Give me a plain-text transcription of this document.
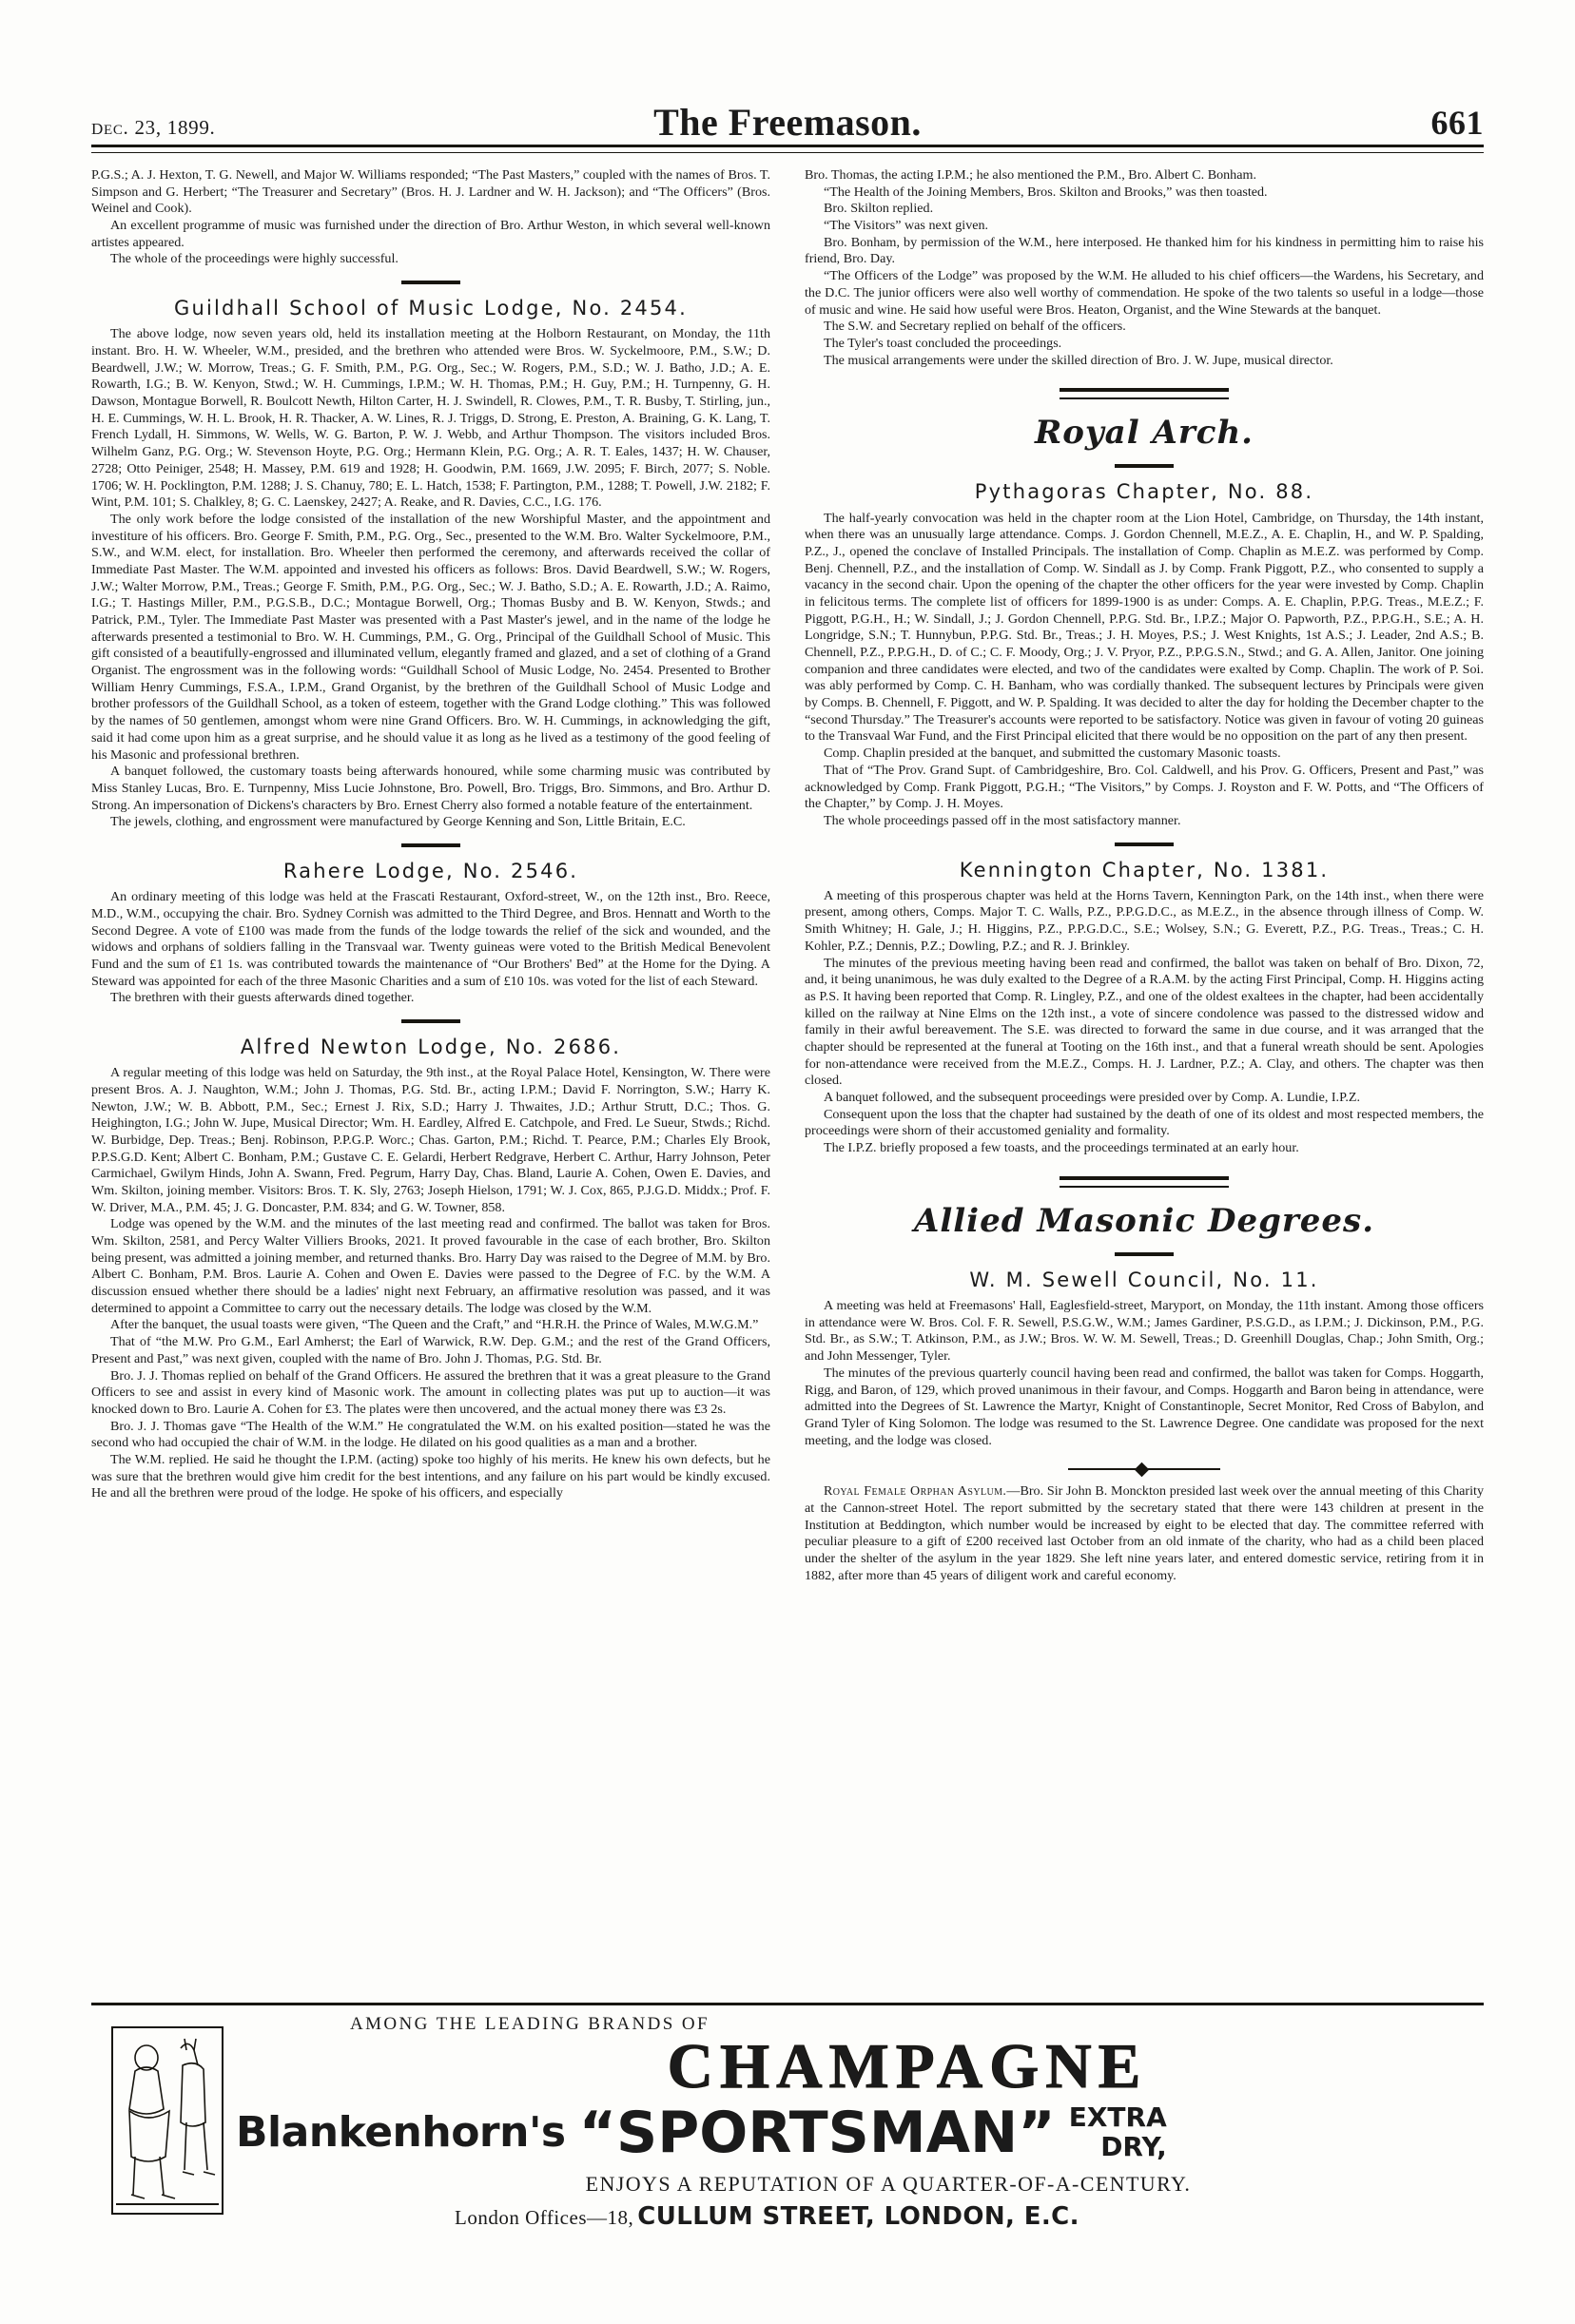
dec. 23, 1899.	The Freemason.	661

P.G.S.; A. J. Hexton, T. G. Newell, and Major W. Williams responded; “The Past Masters,” coupled with the names of Bros. T. Simpson and G. Herbert; “The Treasurer and Secretary” (Bros. H. J. Lardner and W. H. Jackson); and “The Officers” (Bros. Weinel and Cook).

An excellent programme of music was furnished under the direction of Bro. Arthur Weston, in which several well-known artistes appeared.

The whole of the proceedings were highly successful.

Guildhall School of Music Lodge, No. 2454.

The above lodge, now seven years old, held its installation meeting at the Holborn Restaurant, on Monday, the 11th instant. Bro. H. W. Wheeler, W.M., presided, and the brethren who attended were Bros. W. Syckelmoore, P.M., S.W.; D. Beardwell, J.W.; W. Morrow, Treas.; G. F. Smith, P.M., P.G. Org., Sec.; W. Rogers, P.M., S.D.; W. J. Batho, J.D.; A. E. Rowarth, I.G.; B. W. Kenyon, Stwd.; W. H. Cummings, I.P.M.; W. H. Thomas, P.M.; H. Guy, P.M.; H. Turnpenny, G. H. Dawson, Montague Borwell, R. Boulcott Newth, Hilton Carter, H. J. Swindell, R. Clowes, P.M., T. R. Busby, T. Stirling, jun., H. E. Cummings, W. H. L. Brook, H. R. Thacker, A. W. Lines, R. J. Triggs, D. Strong, E. Preston, A. Braining, G. K. Lang, T. French Lydall, H. Simmons, W. Wells, W. G. Barton, P. W. J. Webb, and Arthur Thompson. The visitors included Bros. Wilhelm Ganz, P.G. Org.; W. Stevenson Hoyte, P.G. Org.; Hermann Klein, P.G. Org.; A. R. T. Eales, 1437; H. W. Chauser, 2728; Otto Peiniger, 2548; H. Massey, P.M. 619 and 1928; H. Goodwin, P.M. 1669, J.W. 2095; F. Birch, 2077; S. Noble. 1706; W. H. Pocklington, P.M. 1288; J. S. Chanuy, 780; E. L. Hatch, 1538; F. Partington, P.M., 1288; T. Powell, J.W. 2182; F. Wint, P.M. 101; S. Chalkley, 8; G. C. Laenskey, 2427; A. Reake, and R. Davies, C.C., I.G. 176.

The only work before the lodge consisted of the installation of the new Worshipful Master, and the appointment and investiture of his officers. Bro. George F. Smith, P.M., P.G. Org., Sec., presented to the W.M. Bro. Walter Syckelmoore, P.M., S.W., and W.M. elect, for installation. Bro. Wheeler then performed the ceremony, and afterwards received the collar of Immediate Past Master. The W.M. appointed and invested his officers as follows: Bros. David Beardwell, S.W.; W. Rogers, J.W.; Walter Morrow, P.M., Treas.; George F. Smith, P.M., P.G. Org., Sec.; W. J. Batho, S.D.; A. E. Rowarth, J.D.; A. Raimo, I.G.; T. Hastings Miller, P.M., P.G.S.B., D.C.; Montague Borwell, Org.; Thomas Busby and B. W. Kenyon, Stwds.; and Patrick, P.M., Tyler. The Immediate Past Master was presented with a Past Master's jewel, and in the name of the lodge he afterwards presented a testimonial to Bro. W. H. Cummings, P.M., G. Org., Principal of the Guildhall School of Music. This gift consisted of a beautifully-engrossed and illuminated vellum, elegantly framed and glazed, and a set of clothing of a Grand Organist. The engrossment was in the following words: “Guildhall School of Music Lodge, No. 2454. Presented to Brother William Henry Cummings, F.S.A., I.P.M., Grand Organist, by the brethren of the Guildhall School of Music Lodge and brother professors of the Guildhall School, as a token of esteem, together with the Grand Lodge clothing.” This was followed by the names of 50 gentlemen, amongst whom were nine Grand Officers. Bro. W. H. Cummings, in acknowledging the gift, said it had come upon him as a great surprise, and he should value it as long as he lived as a testimony of the good feeling of his Masonic and professional brethren.

A banquet followed, the customary toasts being afterwards honoured, while some charming music was contributed by Miss Stanley Lucas, Bro. E. Turnpenny, Miss Lucie Johnstone, Bro. Powell, Bro. Triggs, Bro. Simmons, and Bro. Arthur D. Strong. An impersonation of Dickens's characters by Bro. Ernest Cherry also formed a notable feature of the entertainment.

The jewels, clothing, and engrossment were manufactured by George Kenning and Son, Little Britain, E.C.

Rahere Lodge, No. 2546.

An ordinary meeting of this lodge was held at the Frascati Restaurant, Oxford-street, W., on the 12th inst., Bro. Reece, M.D., W.M., occupying the chair. Bro. Sydney Cornish was admitted to the Third Degree, and Bros. Hennatt and Worth to the Second Degree. A vote of £100 was made from the funds of the lodge towards the relief of the sick and wounded, and the widows and orphans of soldiers falling in the Transvaal war. Twenty guineas were voted to the British Medical Benevolent Fund and the sum of £1 1s. was contributed towards the maintenance of “Our Brothers' Bed” at the Home for the Dying. A Steward was appointed for each of the three Masonic Charities and a sum of £10 10s. was voted for the list of each Steward.

The brethren with their guests afterwards dined together.

Alfred Newton Lodge, No. 2686.

A regular meeting of this lodge was held on Saturday, the 9th inst., at the Royal Palace Hotel, Kensington, W. There were present Bros. A. J. Naughton, W.M.; John J. Thomas, P.G. Std. Br., acting I.P.M.; David F. Norrington, S.W.; Harry K. Newton, J.W.; W. B. Abbott, P.M., Sec.; Ernest J. Rix, S.D.; Harry J. Thwaites, J.D.; Arthur Strutt, D.C.; Thos. G. Heighington, I.G.; John W. Jupe, Musical Director; Wm. H. Eardley, Alfred E. Catchpole, and Fred. Le Sueur, Stwds.; Richd. W. Burbidge, Dep. Treas.; Benj. Robinson, P.P.G.P. Worc.; Chas. Garton, P.M.; Richd. T. Pearce, P.M.; Charles Ely Brook, P.P.S.G.D. Kent; Albert C. Bonham, P.M.; Gustave C. E. Gelardi, Herbert Redgrave, Herbert C. Arthur, Harry Johnson, Peter Carmichael, Gwilym Hinds, John A. Swann, Fred. Pegrum, Harry Day, Chas. Bland, Laurie A. Cohen, Owen E. Davies, and Wm. Skilton, joining member. Visitors: Bros. T. K. Sly, 2763; Joseph Hielson, 1791; W. J. Cox, 865, P.J.G.D. Middx.; Prof. F. W. Driver, M.A., P.M. 45; J. G. Doncaster, P.M. 834; and G. W. Towner, 858.

Lodge was opened by the W.M. and the minutes of the last meeting read and confirmed. The ballot was taken for Bros. Wm. Skilton, 2581, and Percy Walter Villiers Brooks, 2021. It proved favourable in the case of each brother, Bro. Skilton being present, was admitted a joining member, and returned thanks. Bro. Harry Day was raised to the Degree of M.M. by Bro. Albert C. Bonham, P.M. Bros. Laurie A. Cohen and Owen E. Davies were passed to the Degree of F.C. by the W.M. A discussion ensued whether there should be a ladies' night next February, an affirmative resolution was passed, and it was determined to appoint a Committee to carry out the necessary details. The lodge was closed by the W.M.

After the banquet, the usual toasts were given, “The Queen and the Craft,” and “H.R.H. the Prince of Wales, M.W.G.M.”

That of “the M.W. Pro G.M., Earl Amherst; the Earl of Warwick, R.W. Dep. G.M.; and the rest of the Grand Officers, Present and Past,” was next given, coupled with the name of Bro. John J. Thomas, P.G. Std. Br.

Bro. J. J. Thomas replied on behalf of the Grand Officers. He assured the brethren that it was a great pleasure to the Grand Officers to see and assist in every kind of Masonic work. The amount in collecting plates was put up to auction—it was knocked down to Bro. Laurie A. Cohen for £3. The plates were then uncovered, and the actual money there was £3 2s.

Bro. J. J. Thomas gave “The Health of the W.M.” He congratulated the W.M. on his exalted position—stated he was the second who had occupied the chair of W.M. in the lodge. He dilated on his good qualities as a man and a brother.

The W.M. replied. He said he thought the I.P.M. (acting) spoke too highly of his merits. He knew his own defects, but he was sure that the brethren would give him credit for the best intentions, and any failure on his part would be kindly excused. He and all the brethren were proud of the lodge. He spoke of his officers, and especially

Bro. Thomas, the acting I.P.M.; he also mentioned the P.M., Bro. Albert C. Bonham.

“The Health of the Joining Members, Bros. Skilton and Brooks,” was then toasted.

Bro. Skilton replied.

“The Visitors” was next given.

Bro. Bonham, by permission of the W.M., here interposed. He thanked him for his kindness in permitting him to raise his friend, Bro. Day.

“The Officers of the Lodge” was proposed by the W.M. He alluded to his chief officers—the Wardens, his Secretary, and the D.C. The junior officers were also well worthy of commendation. He spoke of the two talents so useful in a lodge—those of music and wine. He said how useful were Bros. Heaton, Organist, and the Wine Stewards at the banquet.

The S.W. and Secretary replied on behalf of the officers.

The Tyler's toast concluded the proceedings.

The musical arrangements were under the skilled direction of Bro. J. W. Jupe, musical director.

Royal Arch.
Pythagoras Chapter, No. 88.

The half-yearly convocation was held in the chapter room at the Lion Hotel, Cambridge, on Thursday, the 14th instant, when there was an unusually large attendance. Comps. J. Gordon Chennell, M.E.Z., A. E. Chaplin, H., and W. P. Spalding, P.Z., J., opened the conclave of Installed Principals. The installation of Comp. Chaplin as M.E.Z. was performed by Comp. Benj. Chennell, P.Z., and the installation of Comp. W. Sindall as J. by Comp. Frank Piggott, P.Z., who consented to supply a vacancy in the second chair. Upon the opening of the chapter the other officers for the year were invested by Comp. Chaplin in felicitous terms. The complete list of officers for 1899-1900 is as under: Comps. A. E. Chaplin, P.P.G. Treas., M.E.Z.; F. Piggott, P.G.H., H.; W. Sindall, J.; J. Gordon Chennell, P.P.G. Std. Br., I.P.Z.; Major O. Papworth, P.Z., P.P.G.H., S.E.; A. H. Longridge, S.N.; T. Hunnybun, P.P.G. Std. Br., Treas.; J. H. Moyes, P.S.; J. West Knights, 1st A.S.; J. Leader, 2nd A.S.; B. Chennell, P.Z., P.P.G.H., D. of C.; C. F. Moody, Org.; J. V. Pryor, P.Z., P.P.G.S.N., Stwd.; and G. A. Allen, Janitor. One joining companion and three candidates were elected, and two of the candidates were exalted by Comp. Chaplin. The work of P. Soi. was ably performed by Comp. C. H. Banham, who was cordially thanked. The subsequent lectures by Principals were given by Comps. B. Chennell, F. Piggott, and W. P. Spalding. It was decided to alter the day for holding the December chapter to the “second Thursday.” The Treasurer's accounts were reported to be satisfactory. Notice was given in favour of voting 20 guineas to the Transvaal War Fund, and the First Principal elicited that there would be no opposition on the part of any then present.

Comp. Chaplin presided at the banquet, and submitted the customary Masonic toasts.

That of “The Prov. Grand Supt. of Cambridgeshire, Bro. Col. Caldwell, and his Prov. G. Officers, Present and Past,” was acknowledged by Comp. Frank Piggott, P.G.H.; “The Visitors,” by Comps. J. Royston and F. W. Potts, and “The Officers of the Chapter,” by Comp. J. H. Moyes.

The whole proceedings passed off in the most satisfactory manner.

Kennington Chapter, No. 1381.

A meeting of this prosperous chapter was held at the Horns Tavern, Kennington Park, on the 14th inst., when there were present, among others, Comps. Major T. C. Walls, P.Z., P.P.G.D.C., as M.E.Z., in the absence through illness of Comp. W. Smith Whitney; H. Gale, J.; H. Higgins, P.Z., P.P.G.D.C., S.E.; Wolsey, S.N.; G. Everett, P.Z., P.G. Treas., Treas.; C. H. Kohler, P.Z.; Dennis, P.Z.; Dowling, P.Z.; and R. J. Brinkley.

The minutes of the previous meeting having been read and confirmed, the ballot was taken on behalf of Bro. Dixon, 72, and, it being unanimous, he was duly exalted to the Degree of a R.A.M. by the acting First Principal, Comp. H. Higgins acting as P.S. It having been reported that Comp. R. Lingley, P.Z., and one of the oldest exaltees in the chapter, had been accidentally killed on the railway at Nine Elms on the 12th inst., a vote of sincere condolence was passed to the distressed widow and family in their awful bereavement. The S.E. was directed to forward the same in due course, and it was arranged that the chapter should be represented at the funeral at Tooting on the 16th inst., and that a funeral wreath should be sent. Apologies for non-attendance were received from the M.E.Z., Comps. H. J. Lardner, P.Z.; A. Clay, and others. The chapter was then closed.

A banquet followed, and the subsequent proceedings were presided over by Comp. A. Lundie, I.P.Z.

Consequent upon the loss that the chapter had sustained by the death of one of its oldest and most respected members, the proceedings were shorn of their accustomed geniality and formality.

The I.P.Z. briefly proposed a few toasts, and the proceedings terminated at an early hour.

Allied Masonic Degrees.
W. M. Sewell Council, No. 11.

A meeting was held at Freemasons' Hall, Eaglesfield-street, Maryport, on Monday, the 11th instant. Among those officers in attendance were W. Bros. Col. F. R. Sewell, P.S.G.W., W.M.; James Gardiner, P.S.G.D., as I.P.M.; J. Dickinson, P.M., P.G. Std. Br., as S.W.; T. Atkinson, P.M., as J.W.; Bros. W. W. M. Sewell, Treas.; D. Greenhill Douglas, Chap.; John Smith, Org.; and John Messenger, Tyler.

The minutes of the previous quarterly council having been read and confirmed, the ballot was taken for Comps. Hoggarth, Rigg, and Baron, of 129, which proved unanimous in their favour, and Comps. Hoggarth and Baron being in attendance, were admitted into the Degrees of St. Lawrence the Martyr, Knight of Constantinople, Secret Monitor, Red Cross of Babylon, and Grand Tyler of King Solomon. The lodge was resumed to the St. Lawrence Degree. One candidate was proposed for the next meeting, and the lodge was closed.

Royal Female Orphan Asylum.—Bro. Sir John B. Monckton presided last week over the annual meeting of this Charity at the Cannon-street Hotel. The report submitted by the secretary stated that there were 143 children at present in the Institution at Beddington, which number would be increased by eight to be elected that day. The committee referred with peculiar pleasure to a gift of £200 received last October from an old inmate of the charity, who had as a child been placed under the shelter of the asylum in the year 1829. She left nine years later, and entered domestic service, retiring from it in 1882, after more than 45 years of diligent work and careful economy.

AMONG THE LEADING BRANDS OF
CHAMPAGNE
Blankenhorn's “SPORTSMAN” EXTRA
DRY,
ENJOYS A REPUTATION OF A QUARTER-OF-A-CENTURY.
London Offices—18, CULLUM STREET, LONDON, E.C.
